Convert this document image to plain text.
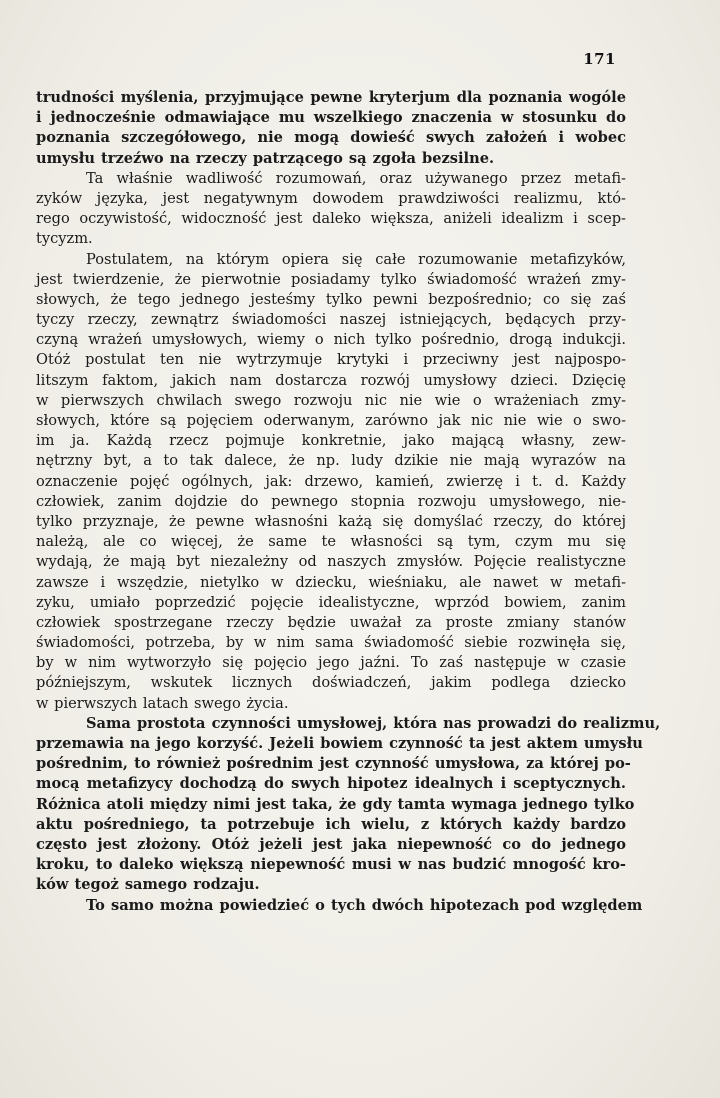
171
trudności myślenia, przyjmujące pewne kryterjum dla poznania wogóle
i jednocześnie odmawiające mu wszelkiego znaczenia w stosunku do
poznania szczegółowego, nie mogą dowieść swych założeń i wobec
umysłu trzeźwo na rzeczy patrzącego są zgoła bezsilne.
Ta właśnie wadliwość rozumowań, oraz używanego przez metafi-
zyków języka, jest negatywnym dowodem prawdziwości realizmu, któ-
rego oczywistość, widoczność jest daleko większa, aniżeli idealizm i scep-
tycyzm.
Postulatem, na którym opiera się całe rozumowanie metafizyków,
jest twierdzenie, że pierwotnie posiadamy tylko świadomość wrażeń zmy-
słowych, że tego jednego jesteśmy tylko pewni bezpośrednio; co się zaś
tyczy rzeczy, zewnątrz świadomości naszej istniejących, będących przy-
czyną wrażeń umysłowych, wiemy o nich tylko pośrednio, drogą indukcji.
Otóż postulat ten nie wytrzymuje krytyki i przeciwny jest najpospo-
litszym faktom, jakich nam dostarcza rozwój umysłowy dzieci. Dzięcię
w pierwszych chwilach swego rozwoju nic nie wie o wrażeniach zmy-
słowych, które są pojęciem oderwanym, zarówno jak nic nie wie o swo-
im ja. Każdą rzecz pojmuje konkretnie, jako mającą własny, zew-
nętrzny byt, a to tak dalece, że np. ludy dzikie nie mają wyrazów na
oznaczenie pojęć ogólnych, jak: drzewo, kamień, zwierzę i t. d. Każdy
człowiek, zanim dojdzie do pewnego stopnia rozwoju umysłowego, nie-
tylko przyznaje, że pewne własnośni każą się domyślać rzeczy, do której
należą, ale co więcej, że same te własności są tym, czym mu się
wydają, że mają byt niezależny od naszych zmysłów. Pojęcie realistyczne
zawsze i wszędzie, nietylko w dziecku, wieśniaku, ale nawet w metafi-
zyku, umiało poprzedzić pojęcie idealistyczne, wprzód bowiem, zanim
człowiek spostrzegane rzeczy będzie uważał za proste zmiany stanów
świadomości, potrzeba, by w nim sama świadomość siebie rozwinęła się,
by w nim wytworzyło się pojęcio jego jaźni. To zaś następuje w czasie
późniejszym, wskutek licznych doświadczeń, jakim podlega dziecko
w pierwszych latach swego życia.
Sama prostota czynności umysłowej, która nas prowadzi do realizmu,
przemawia na jego korzyść. Jeżeli bowiem czynność ta jest aktem umysłu
pośrednim, to również pośrednim jest czynność umysłowa, za której po-
mocą metafizycy dochodzą do swych hipotez idealnych i sceptycznych.
Różnica atoli między nimi jest taka, że gdy tamta wymaga jednego tylko
aktu pośredniego, ta potrzebuje ich wielu, z których każdy bardzo
często jest złożony. Otóż jeżeli jest jaka niepewność co do jednego
kroku, to daleko większą niepewność musi w nas budzić mnogość kro-
ków tegoż samego rodzaju.
To samo można powiedzieć o tych dwóch hipotezach pod względem
